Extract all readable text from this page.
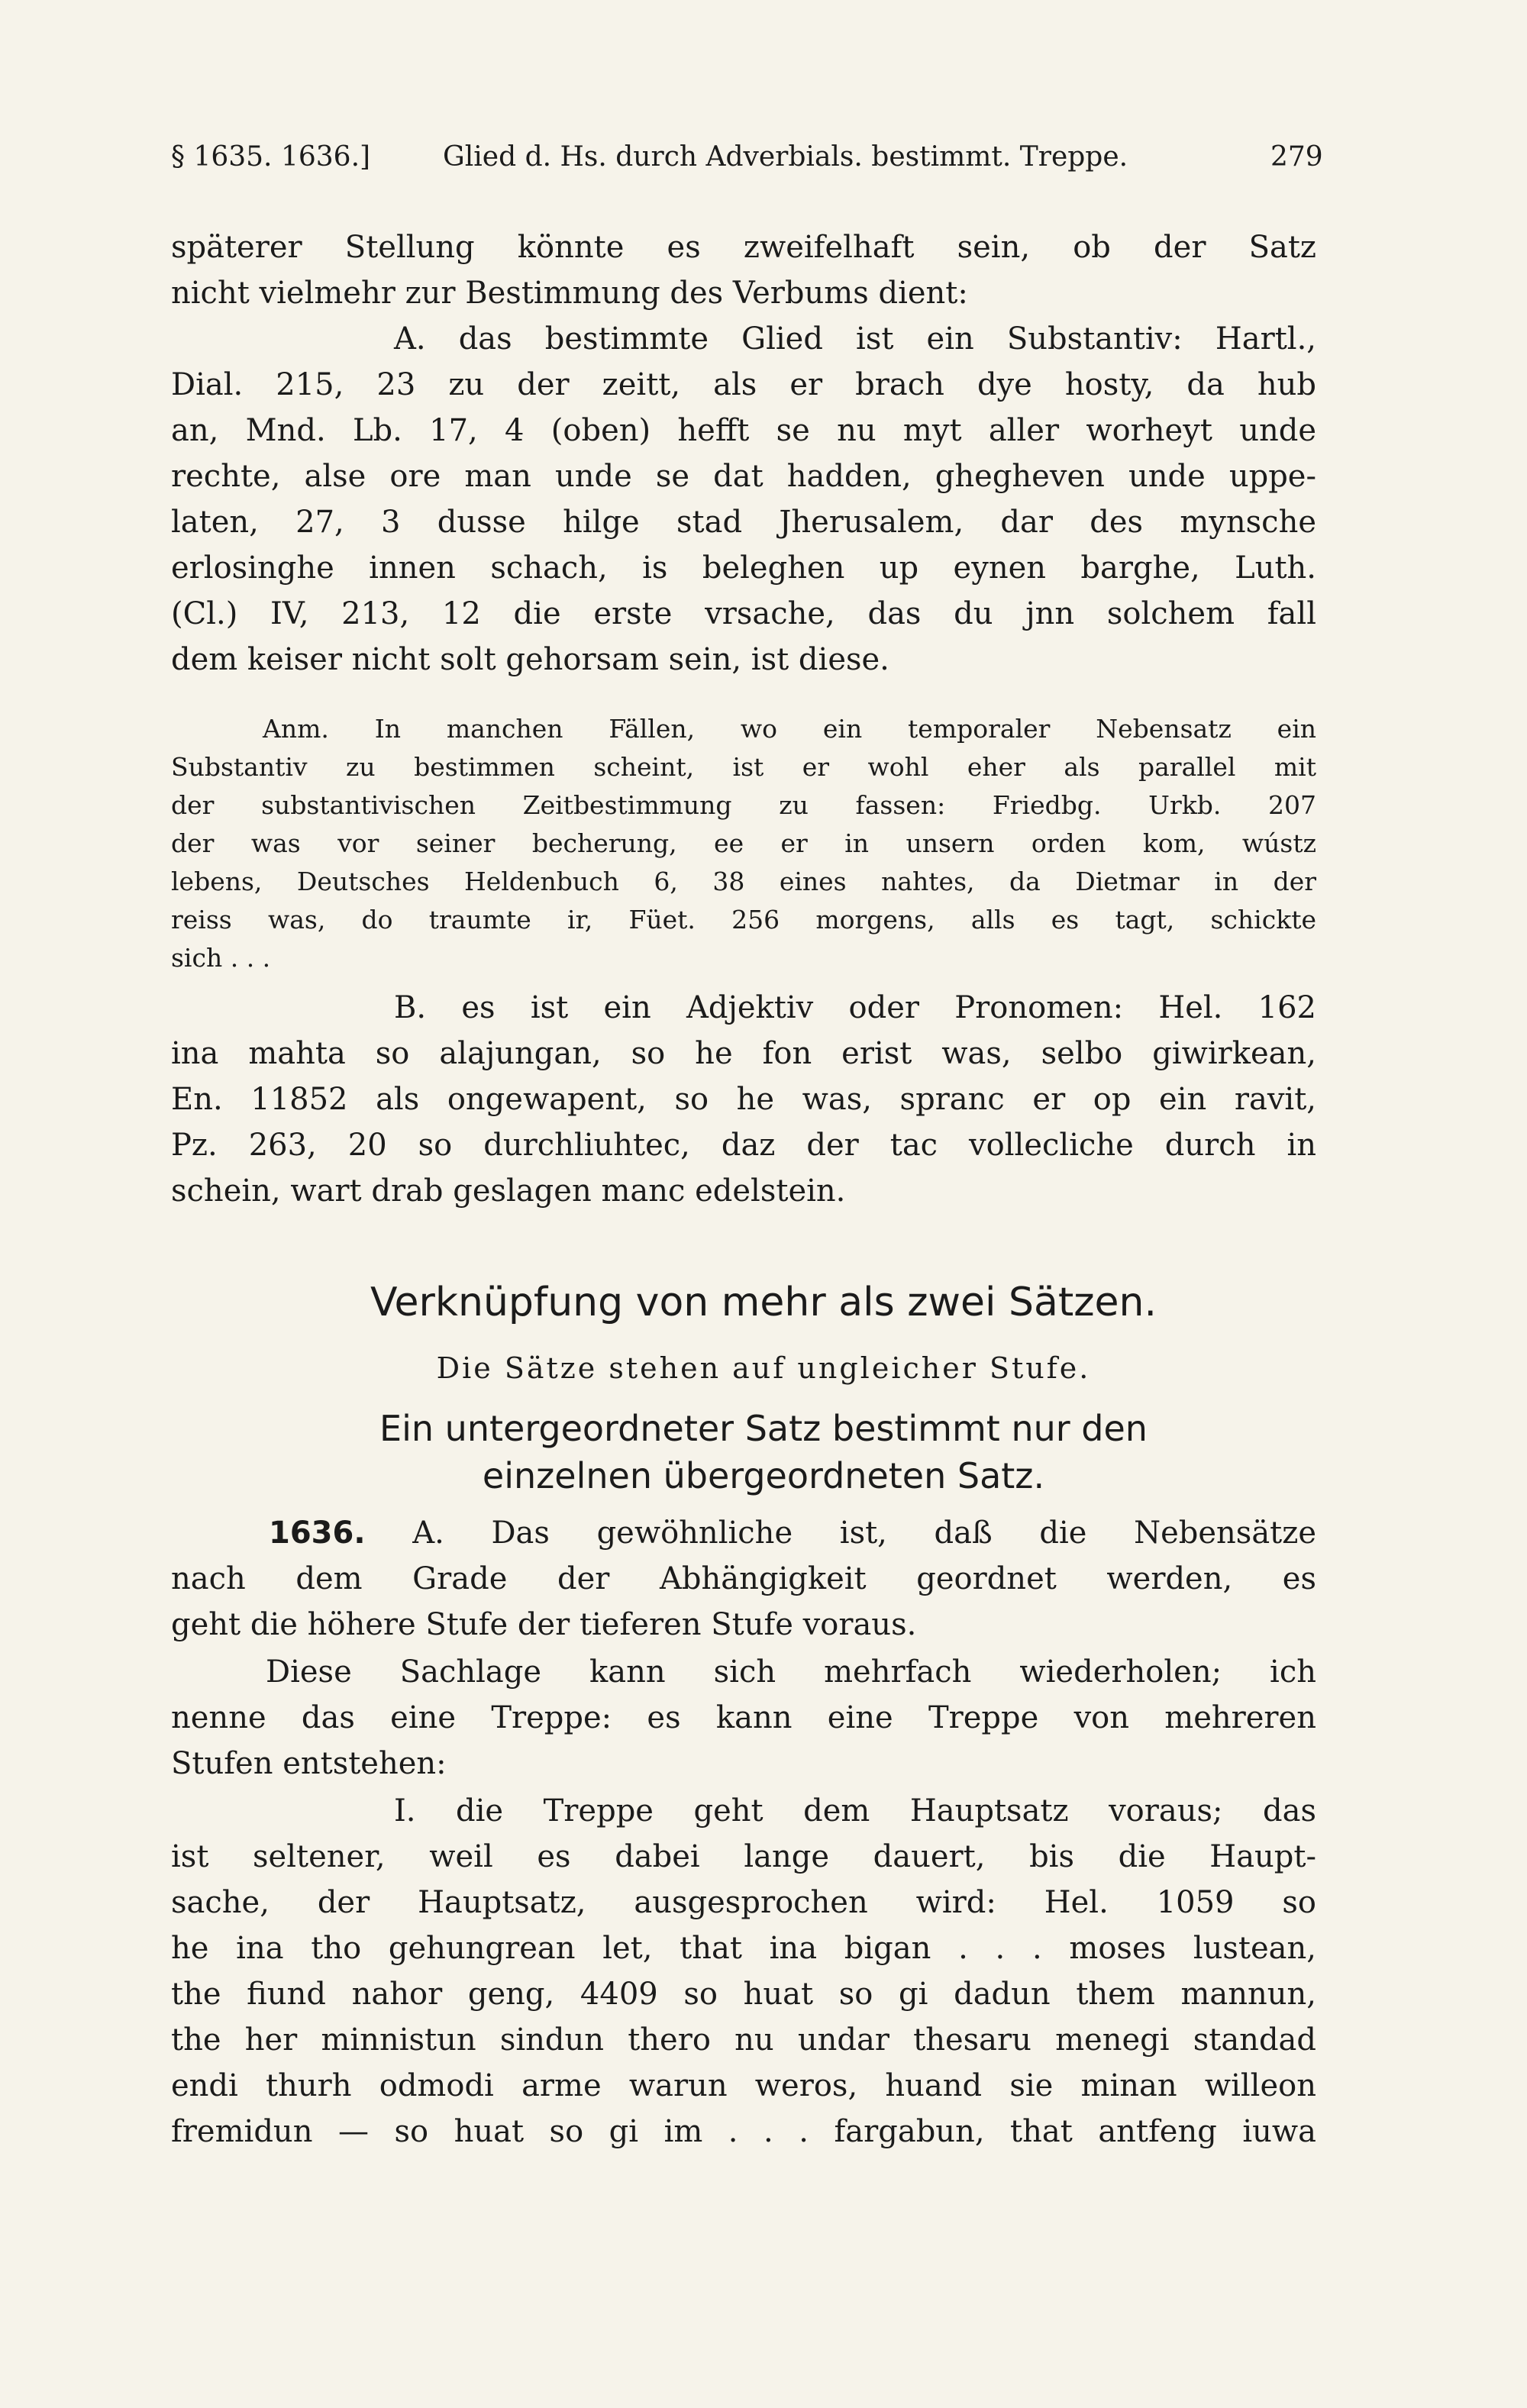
§ 1635. 1636.]	Glied d. Hs. durch Adverbials. bestimmt. Treppe.	279
späterer Stellung könnte es zweifelhaft sein, ob der Satz
nicht vielmehr zur Bestimmung des Verbums dient:
A. das bestimmte Glied ist ein Substantiv: Hartl.,
Dial. 215, 23 zu der zeitt, als er brach dye hosty, da hub
an, Mnd. Lb. 17, 4 (oben) hefft se nu myt aller worheyt unde
rechte, alse ore man unde se dat hadden, ghegheven unde uppe-
laten, 27, 3 dusse hilge stad Jherusalem, dar des mynsche
erlosinghe innen schach, is beleghen up eynen barghe, Luth.
(Cl.) IV, 213, 12 die erste vrsache, das du jnn solchem fall
dem keiser nicht solt gehorsam sein, ist diese.
Anm. In manchen Fällen, wo ein temporaler Nebensatz ein
Substantiv zu bestimmen scheint, ist er wohl eher als parallel mit
der substantivischen Zeitbestimmung zu fassen: Friedbg. Urkb. 207
der was vor seiner becherung, ee er in unsern orden kom, wústz
lebens, Deutsches Heldenbuch 6, 38 eines nahtes, da Dietmar in der
reiss was, do traumte ir, Füet. 256 morgens, alls es tagt, schickte
sich . . .
B. es ist ein Adjektiv oder Pronomen: Hel. 162
ina mahta so alajungan, so he fon erist was, selbo giwirkean,
En. 11852 als ongewapent, so he was, spranc er op ein ravit,
Pz. 263, 20 so durchliuhtec, daz der tac vollecliche durch in
schein, wart drab geslagen manc edelstein.
Verknüpfung von mehr als zwei Sätzen.
Die Sätze stehen auf ungleicher Stufe.
Ein untergeordneter Satz bestimmt nur den
einzelnen übergeordneten Satz.
1636. A. Das gewöhnliche ist, daß die Nebensätze
nach dem Grade der Abhängigkeit geordnet werden, es
geht die höhere Stufe der tieferen Stufe voraus.
Diese Sachlage kann sich mehrfach wiederholen; ich
nenne das eine Treppe: es kann eine Treppe von mehreren
Stufen entstehen:
I. die Treppe geht dem Hauptsatz voraus; das
ist seltener, weil es dabei lange dauert, bis die Haupt-
sache, der Hauptsatz, ausgesprochen wird: Hel. 1059 so
he ina tho gehungrean let, that ina bigan . . . moses lustean,
the fiund nahor geng, 4409 so huat so gi dadun them mannun,
the her minnistun sindun thero nu undar thesaru menegi standad
endi thurh odmodi arme warun weros, huand sie minan willeon
fremidun — so huat so gi im . . . fargabun, that antfeng iuwa
